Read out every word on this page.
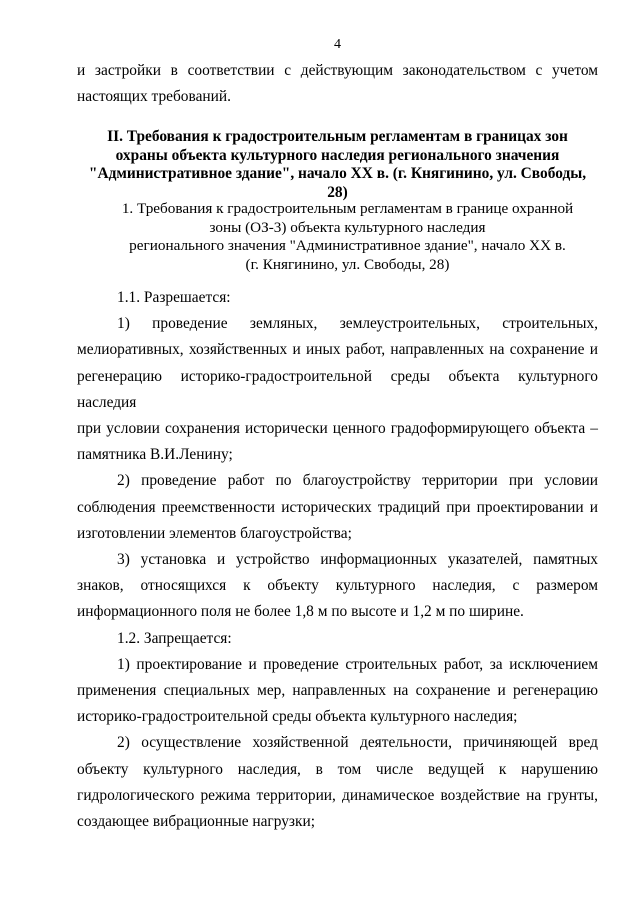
4

и застройки в соответствии с действующим законодательством с учетом

настоящих требований.

II. Требования к градостроительным регламентам в границах зон
охраны объекта культурного наследия регионального значения
"Административное здание", начало XX в. (г. Княгинино, ул. Свободы, 28)
1. Требования к градостроительным регламентам в границе охранной
зоны (ОЗ-3) объекта культурного наследия
регионального значения "Административное здание", начало XX в.
(г. Княгинино, ул. Свободы, 28)

1.1. Разрешается:

1) проведение земляных, землеустроительных, строительных,

мелиоративных, хозяйственных и иных работ, направленных на сохранение и

регенерацию историко-градостроительной среды объекта культурного наследия

при условии сохранения исторически ценного градоформирующего объекта –

памятника В.И.Ленину;

2) проведение работ по благоустройству территории при условии

соблюдения преемственности исторических традиций при проектировании и

изготовлении элементов благоустройства;

3) установка и устройство информационных указателей, памятных

знаков, относящихся к объекту культурного наследия, с размером

информационного поля не более 1,8 м по высоте и 1,2 м по ширине.

1.2. Запрещается:

1) проектирование и проведение строительных работ, за исключением

применения специальных мер, направленных на сохранение и регенерацию

историко-градостроительной среды объекта культурного наследия;

2) осуществление хозяйственной деятельности, причиняющей вред

объекту культурного наследия, в том числе ведущей к нарушению

гидрологического режима территории, динамическое воздействие на грунты,

создающее вибрационные нагрузки;
